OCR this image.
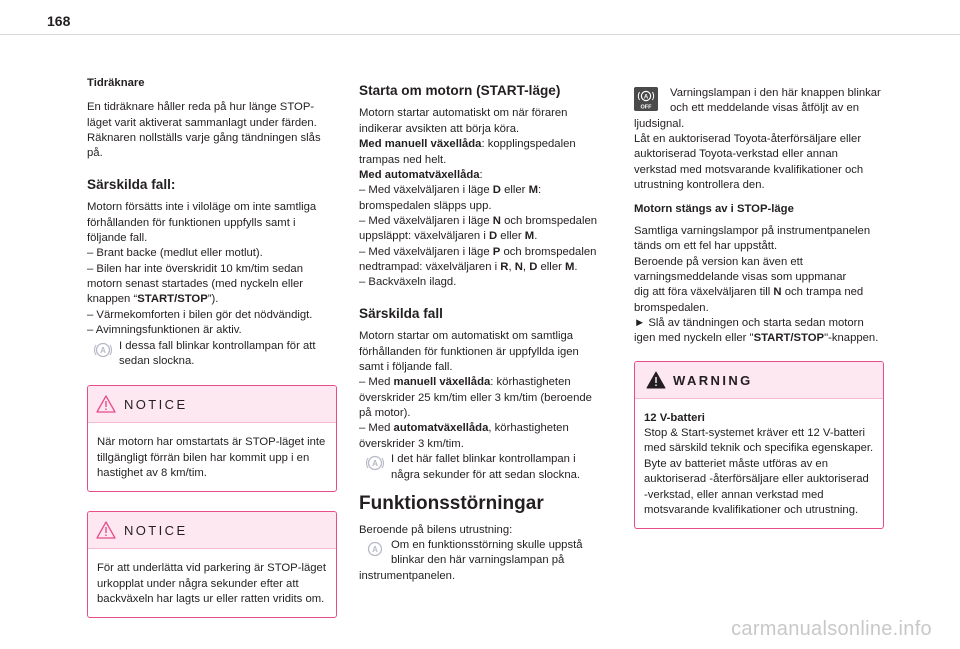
168
Tidräknare

En tidräknare håller reda på hur länge STOP-
läget varit aktiverat sammanlagt under färden.
Räknaren nollställs varje gång tändningen slås
på.

Särskilda fall:

Motorn försätts inte i viloläge om inte samtliga
förhållanden för funktionen uppfylls samt i
följande fall.
– Brant backe (medlut eller motlut).
– Bilen har inte överskridit 10 km/tim sedan
motorn senast startades (med nyckeln eller
knappen “START/STOP”).
– Värmekomforten i bilen gör det nödvändigt.
– Avimningsfunktionen är aktiv.

A I dessa fall blinkar kontrollampan för att
sedan slockna.
NOTICE
När motorn har omstartats är STOP-läget inte
tillgängligt förrän bilen har kommit upp i en
hastighet av 8 km/tim.
NOTICE
För att underlätta vid parkering är STOP-läget
urkopplat under några sekunder efter att
backväxeln har lagts ur eller ratten vridits om.
Starta om motorn (START-läge)

Motorn startar automatiskt om när föraren
indikerar avsikten att börja köra.
Med manuell växellåda: kopplingspedalen
trampas ned helt.
Med automatväxellåda:
– Med växelväljaren i läge D eller M:
bromspedalen släpps upp.
– Med växelväljaren i läge N och bromspedalen
uppsläppt: växelväljaren i D eller M.
– Med växelväljaren i läge P och bromspedalen
nedtrampad: växelväljaren i R, N, D eller M.
– Backväxeln ilagd.

Särskilda fall

Motorn startar om automatiskt om samtliga
förhållanden för funktionen är uppfyllda igen
samt i följande fall.
– Med manuell växellåda: körhastigheten
överskrider 25 km/tim eller 3 km/tim (beroende
på motor).
– Med automatväxellåda, körhastigheten
överskrider 3 km/tim.

A I det här fallet blinkar kontrollampan i
några sekunder för att sedan slockna.
Funktionsstörningar

Beroende på bilens utrustning:

A Om en funktionsstörning skulle uppstå
blinkar den här varningslampan på

instrumentpanelen.

A
OFF
Varningslampan i den här knappen blinkar
och ett meddelande visas åtföljt av en

ljudsignal.
Låt en auktoriserad Toyota-återförsäljare eller
auktoriserad Toyota-verkstad eller annan
verkstad med motsvarande kvalifikationer och
utrustning kontrollera den.

Motorn stängs av i STOP-läge

Samtliga varningslampor på instrumentpanelen
tänds om ett fel har uppstått.
Beroende på version kan även ett
varningsmeddelande visas som uppmanar
dig att föra växelväljaren till N och trampa ned
bromspedalen.
► Slå av tändningen och starta sedan motorn
igen med nyckeln eller "START/STOP"-knappen.

WARNING
12 V-batteri
Stop & Start-systemet kräver ett 12 V-batteri
med särskild teknik och specifika egenskaper.
Byte av batteriet måste utföras av en
auktoriserad -återförsäljare eller auktoriserad
-verkstad, eller annan verkstad med
motsvarande kvalifikationer och utrustning.
carmanualsonline.info
